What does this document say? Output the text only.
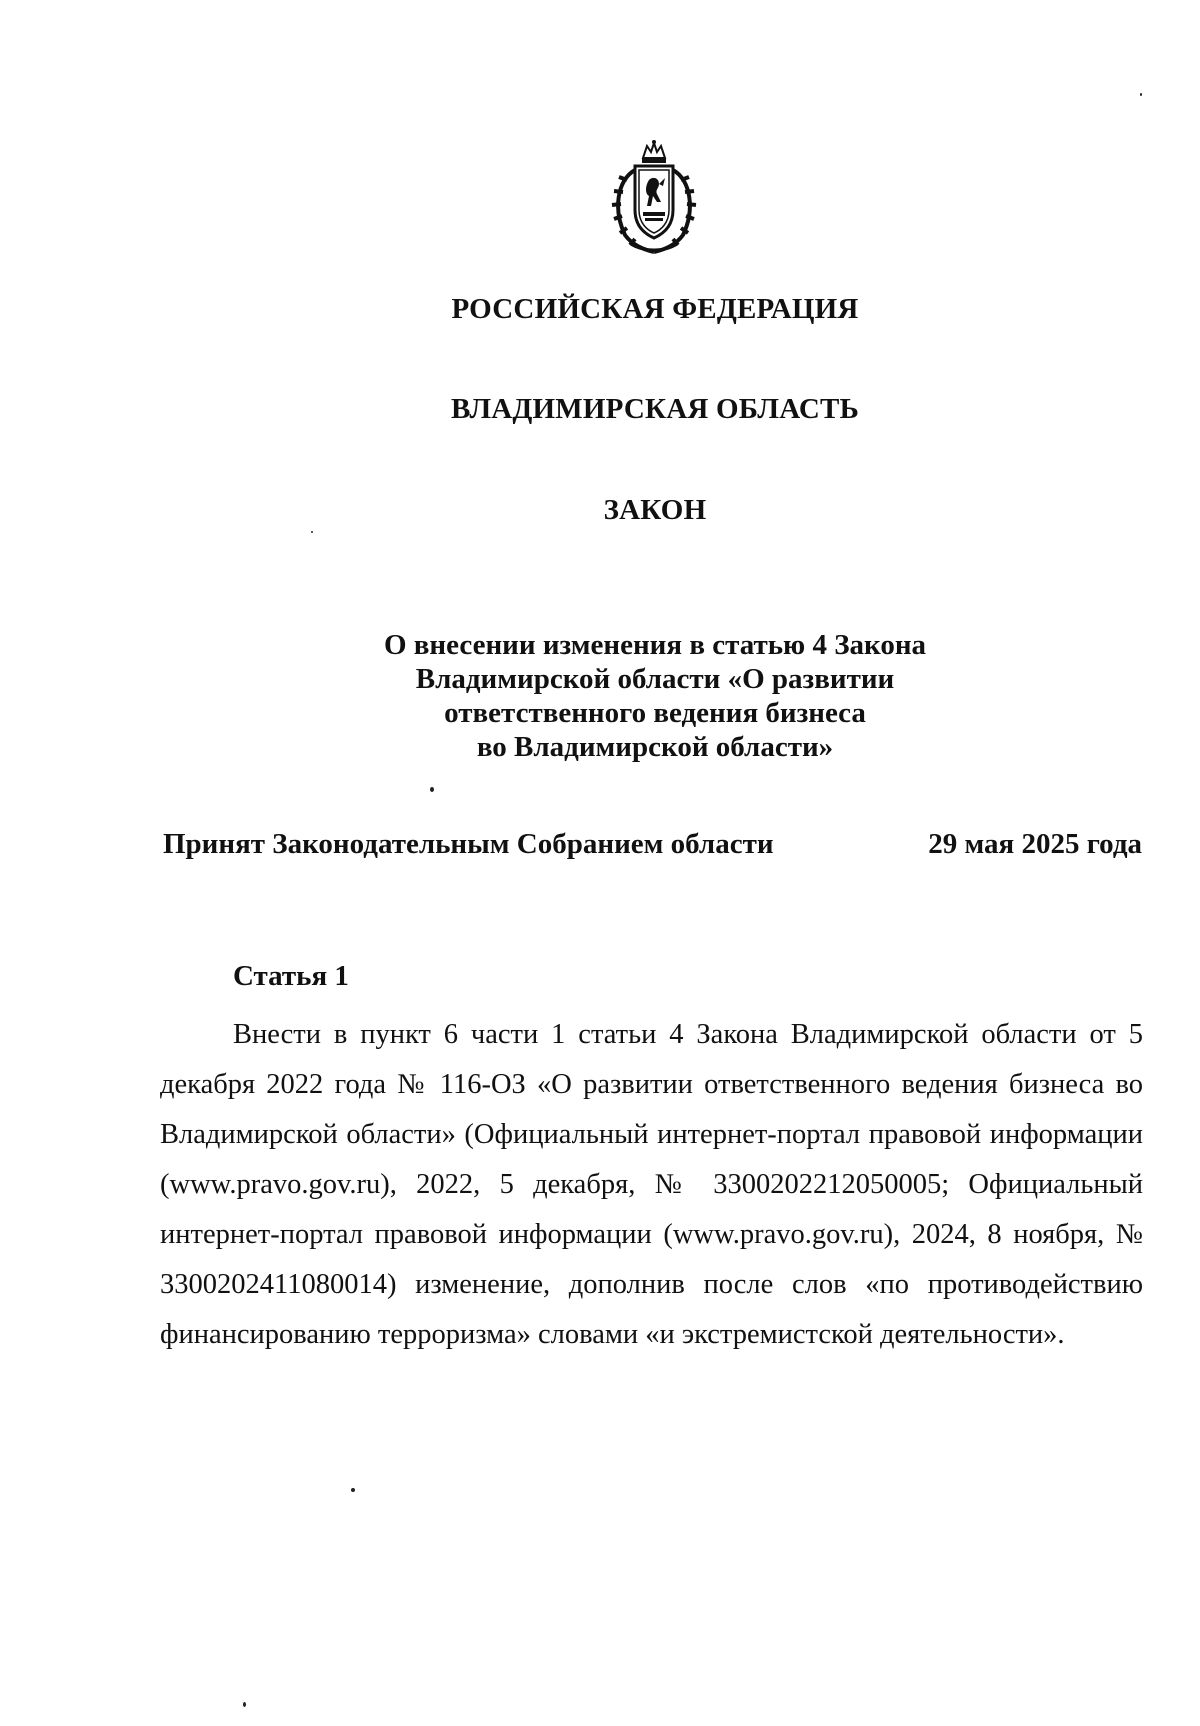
РОССИЙСКАЯ ФЕДЕРАЦИЯ
ВЛАДИМИРСКАЯ ОБЛАСТЬ
ЗАКОН
О внесении изменения в статью 4 Закона
Владимирской области «О развитии
ответственного ведения бизнеса
во Владимирской области»
Принят Законодательным Собранием области	29 мая 2025 года
Статья 1

Внести в пункт 6 части 1 статьи 4 Закона Владимирской области от 5 декабря 2022 года № 116-ОЗ «О развитии ответственного ведения бизнеса во Владимирской области» (Официальный интернет-портал правовой информации (www.pravo.gov.ru), 2022, 5 декабря, № 3300202212050005; Официальный интернет-портал правовой информации (www.pravo.gov.ru), 2024, 8 ноября, № 3300202411080014) изменение, дополнив после слов «по противодействию финансированию терроризма» словами «и экстремистской деятельности».
